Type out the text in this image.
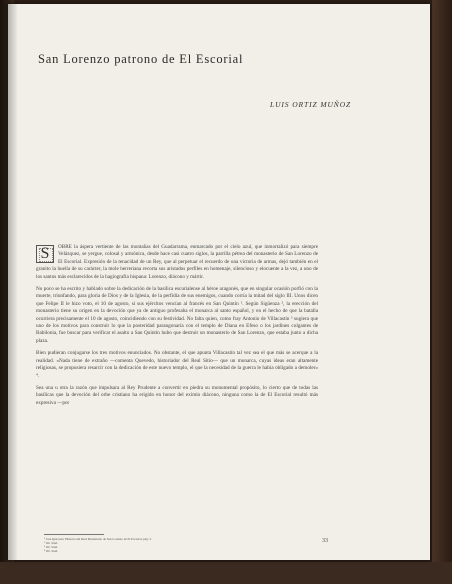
San Lorenzo patrono de El Escorial
LUIS ORTIZ MUÑOZ

S	OBRE la áspera vertiente de las montañas del Guadarrama, enmarcado por el cielo azul, que inmortalizó para siempre Velázquez, se yergue, colosal y armónica, desde hace casi cuatro siglos, la parrilla pétrea del monasterio de San Lorenzo de El Escorial. Expresión de la tenacidad de un Rey, que al perpetuar el recuerdo de una victoria de armas, dejó también en el granito la huella de su carácter, la mole herreriana recorta sus aristados perfiles en homenaje, silencioso y elocuente a la vez, a uno de los santos más esclarecidos de la hagiografía hispana: Lorenzo, diácono y mártir.

No poco se ha escrito y hablado sobre la dedicación de la basílica escurialense al héroe aragonés, que en singular ocasión porfió con la muerte, triunfando, para gloria de Dios y de la Iglesia, de la perfidia de sus enemigos, cuando corría la mitad del siglo III. Unos dicen que Felipe II le hizo voto, el 10 de agosto, si sus ejércitos vencían al francés en San Quintín ¹. Según Sigüenza ², la erección del monasterio tiene su origen en la devoción que ya de antiguo profesaba el monarca al santo español, y en el hecho de que la batalla ocurriera precisamente el 10 de agosto, coincidiendo con su festividad. No falta quien, como fray Antonio de Villacastín ³ sugiera que uno de los motivos para construir lo que la posteridad parangonaría con el templo de Diana en Efeso o los jardines colgantes de Babilonia, fue buscar para verificar el asalto a San Quintín hubo que destruir un monasterio de San Lorenzo, que estaba junto a dicha plaza.

Bien pudieran conjugarse los tres motivos enunciados. No obstante, el que apunta Villacastín tal vez sea el que más se acerque a la realidad. «Nada tiene de extraño —comenta Quevedo, historiador del Real Sitio— que un monarca, cuyas ideas eran altamente religiosas, se propusiera resarcir con la dedicación de este nuevo templo, el que la necesidad de la guerra le había obligado a demoler» ⁴.

Sea una u otra la razón que impulsara al Rey Prudente a convertir en piedra su monumental propósito, lo cierto que de todas las basílicas que la devoción del orbe cristiano ha erigido en honor del eximio diácono, ninguna como la de El Escorial resultó más expresiva —por

¹ José Quevedo: Historia del Real Monasterio de San Lorenzo de El Escorial, pág. 5.
² Ob. Stud.
³ Ob. Stud.
⁴ Ob. Stud.
33
